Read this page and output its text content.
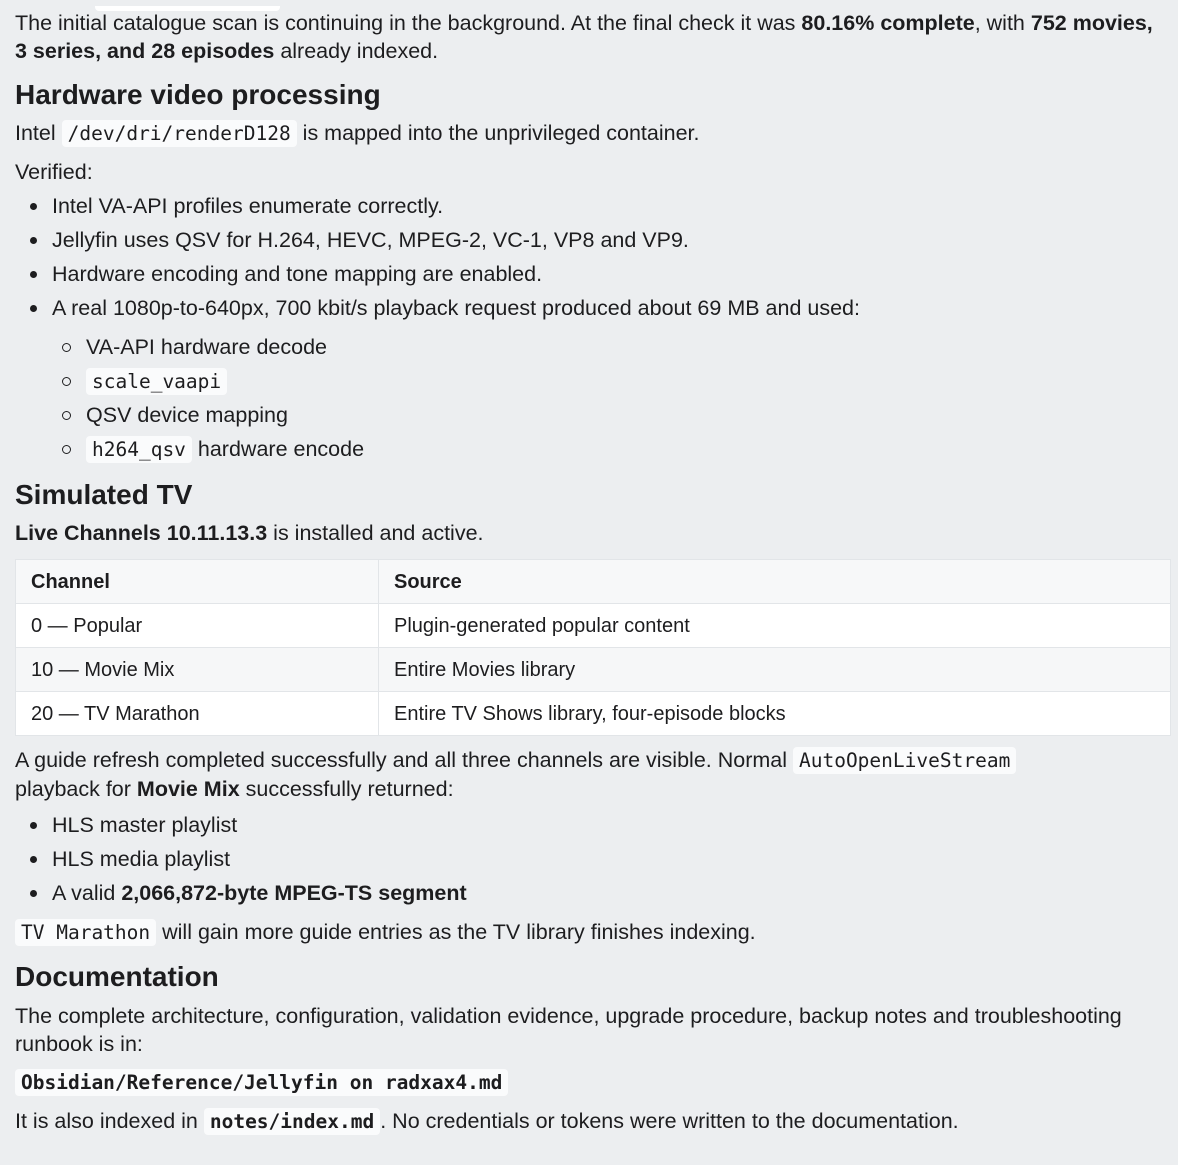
The initial catalogue scan is continuing in the background. At the final check it was 80.16% complete, with 752 movies, 3 series, and 28 episodes already indexed.

Hardware video processing

Intel /dev/dri/renderD128 is mapped into the unprivileged container.

Verified:

Intel VA-API profiles enumerate correctly.
Jellyfin uses QSV for H.264, HEVC, MPEG-2, VC-1, VP8 and VP9.
Hardware encoding and tone mapping are enabled.
A real 1080p-to-640px, 700 kbit/s playback request produced about 69 MB and used:
VA-API hardware decode
scale_vaapi
QSV device mapping
h264_qsv hardware encode
Simulated TV

Live Channels 10.11.13.3 is installed and active.

Channel	Source
0 — Popular	Plugin-generated popular content
10 — Movie Mix	Entire Movies library
20 — TV Marathon	Entire TV Shows library, four-episode blocks

A guide refresh completed successfully and all three channels are visible. Normal AutoOpenLiveStream
playback for Movie Mix successfully returned:

HLS master playlist
HLS media playlist
A valid 2,066,872-byte MPEG-TS segment

TV Marathon will gain more guide entries as the TV library finishes indexing.

Documentation

The complete architecture, configuration, validation evidence, upgrade procedure, backup notes and troubleshooting runbook is in:

Obsidian/Reference/Jellyfin on radxax4.md

It is also indexed in notes/index.md . No credentials or tokens were written to the documentation.
